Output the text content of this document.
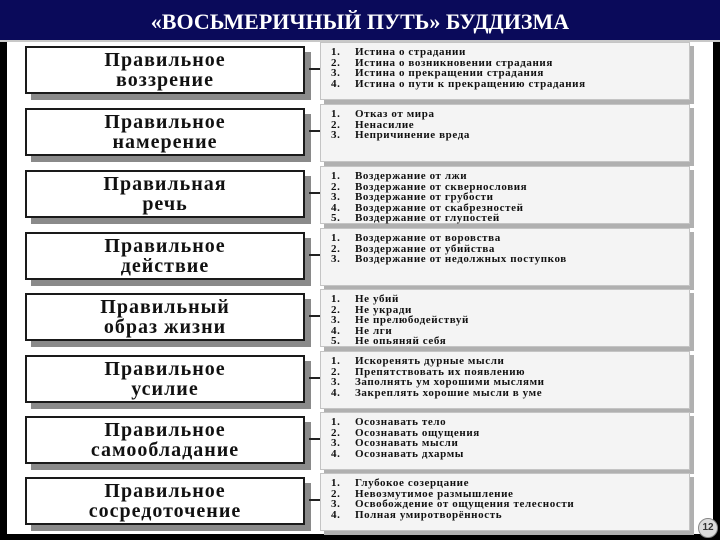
«ВОСЬМЕРИЧНЫЙ ПУТЬ» БУДДИЗМА
Правильное
воззрение
1. Истина о страдании
2. Истина о возникновении страдания
3. Истина о прекращении страдания
4. Истина о пути к прекращению страдания
Правильное
намерение
1. Отказ от мира
2. Ненасилие
3. Непричинение вреда
Правильная
речь
1. Воздержание от лжи
2. Воздержание от сквернословия
3. Воздержание от грубости
4. Воздержание от скабрезностей
5. Воздержание от глупостей
Правильное
действие
1. Воздержание от воровства
2. Воздержание от убийства
3. Воздержание от недолжных поступков
Правильный
образ жизни
1. Не убий
2. Не укради
3. Не прелюбодействуй
4. Не лги
5. Не опьяняй себя
Правильное
усилие
1. Искоренять дурные мысли
2. Препятствовать их появлению
3. Заполнять ум хорошими мыслями
4. Закреплять хорошие мысли в уме
Правильное
самообладание
1. Осознавать тело
2. Осознавать ощущения
3. Осознавать мысли
4. Осознавать дхармы
Правильное
сосредоточение
1. Глубокое созерцание
2. Невозмутимое размышление
3. Освобождение от ощущения телесности
4. Полная умиротворённость
12
